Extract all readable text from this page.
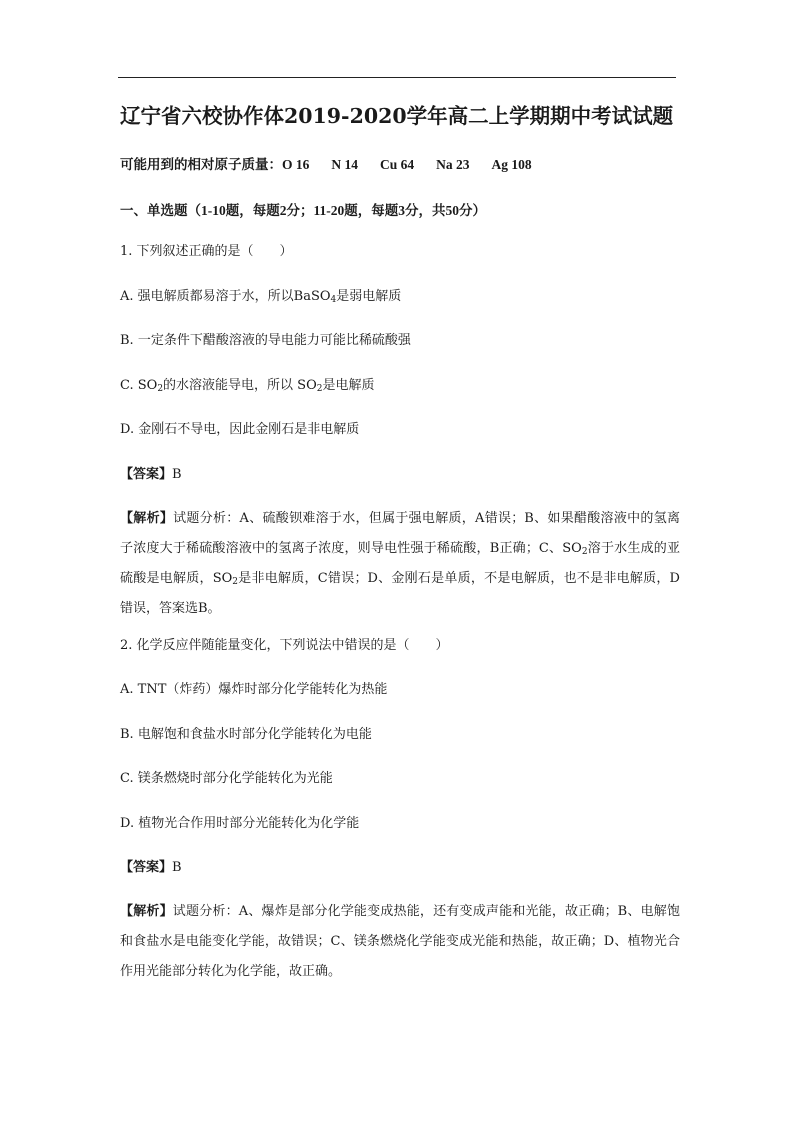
辽宁省六校协作体2019-2020学年高二上学期期中考试试题
可能用到的相对原子质量：O 16 N 14 Cu 64 Na 23 Ag 108
一、单选题（1-10题，每题2分；11-20题，每题3分，共50分）

1. 下列叙述正确的是（　　）

A. 强电解质都易溶于水，所以BaSO$_4$是弱电解质

B. 一定条件下醋酸溶液的导电能力可能比稀硫酸强

C. $SO_2$的水溶液能导电，所以 $SO_2$是电解质

D. 金刚石不导电，因此金刚石是非电解质

【答案】B

【解析】试题分析：A、硫酸钡难溶于水，但属于强电解质，A错误；B、如果醋酸溶液中的氢离子浓度大于稀硫酸溶液中的氢离子浓度，则导电性强于稀硫酸，B正确；C、$SO_2$溶于水生成的亚硫酸是电解质，$SO_2$是非电解质，C错误；D、金刚石是单质，不是电解质，也不是非电解质，D错误，答案选B。

2. 化学反应伴随能量变化，下列说法中错误的是（　　）

A. TNT（炸药）爆炸时部分化学能转化为热能

B. 电解饱和食盐水时部分化学能转化为电能

C. 镁条燃烧时部分化学能转化为光能

D. 植物光合作用时部分光能转化为化学能

【答案】B

【解析】试题分析：A、爆炸是部分化学能变成热能，还有变成声能和光能，故正确；B、电解饱和食盐水是电能变化学能，故错误；C、镁条燃烧化学能变成光能和热能，故正确；D、植物光合作用光能部分转化为化学能，故正确。
